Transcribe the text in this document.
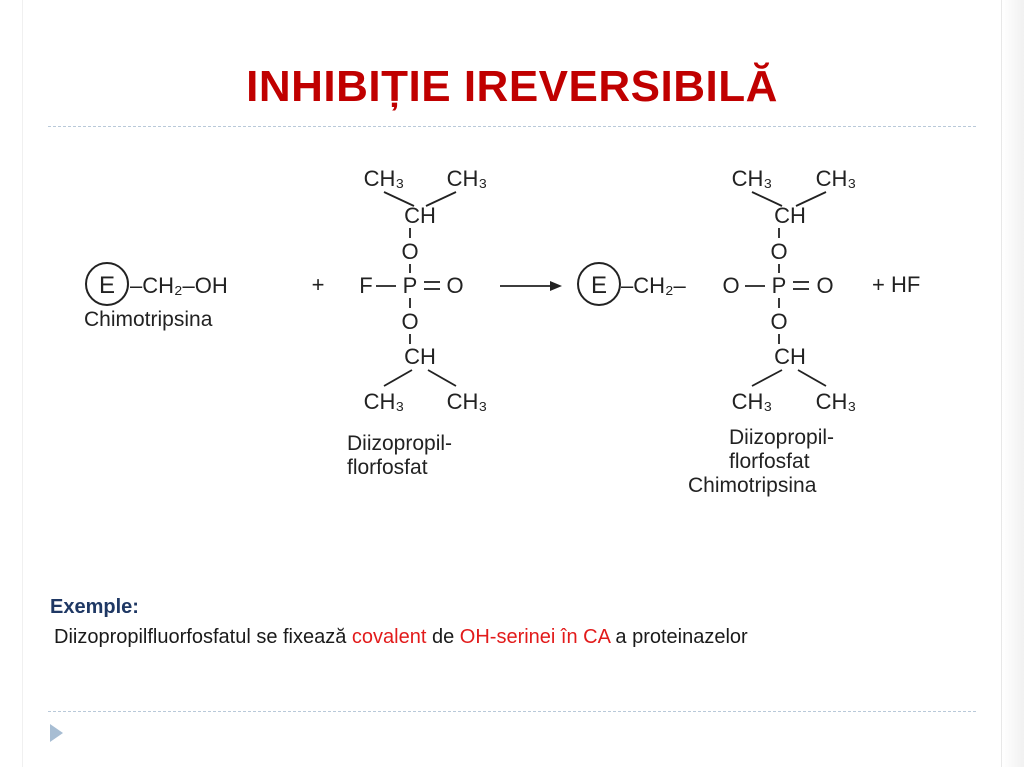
INHIBIȚIE IREVERSIBILĂ
E –CH₂–OH
Chimotripsina
+
CH₃ CH₃
CH
O
F P O
O
CH
CH₃ CH₃
Diizopropil-
florfosfat
E –CH₂– O P O
CH₃ CH₃
CH
O
O
CH
CH₃ CH₃
Diizopropil-
florfosfat
Chimotripsina
+ HF
Exemple:
Diizopropilfluorfosfatul se fixează covalent de OH-serinei în CA a proteinazelor
